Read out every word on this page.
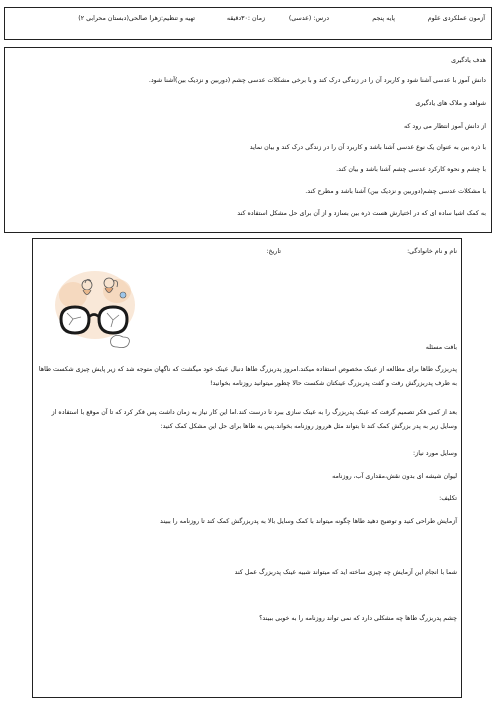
آزمون عملکردی علوم
پایه پنجم
درس: (عدسی)
زمان :۳۰دقیقه
تهیه و تنظیم:زهرا صالحی(دبستان محرابی ۲)
هدف یادگیری
دانش آموز با عدسی آشنا شود و کاربرد آن را در زندگی درک کند و با برخی مشکلات عدسی چشم (دوربین و نزدیک بین)آشنا شود.
شواهد و ملاک های یادگیری
از دانش آموز انتظار می رود که
با ذره بین به عنوان یک نوع عدسی آشنا باشد و کاربرد آن را در زندگی درک کند و بیان نماید
با چشم و نحوه کارکرد عدسی چشم آشنا باشد و بیان کند.
با مشکلات عدسی چشم(دوربین و نزدیک بین) آشنا باشد و مطرح کند.
به کمک اشیا ساده ای که در اختیارش هست ذره بین بسازد و از آن برای حل مشکل استفاده کند
نام و نام خانوادگی:
تاریخ:
بافت مسئله
پدربزرگ طاها برای مطالعه از عینک مخصوص استفاده میکند.امروز پدربزرگ طاها دنبال عینک خود میگشت که ناگهان متوجه شد که زیر پایش چیزی شکست طاها به طرف پدربزرگش رفت و گفت پدربزرگ عینکتان شکست حالا چطور میتوانید روزنامه بخوانید!
بعد از کمی فکر تصمیم گرفت که عینک پدربزرگ را به عینک سازی ببرد تا درست کند.اما این کار نیاز به زمان داشت پس فکر کرد که تا آن موقع با استفاده از وسایل زیر به پدر بزرگش کمک کند تا بتواند مثل هرروز روزنامه بخواند.پس به طاها برای حل این مشکل کمک کنید:
وسایل مورد نیاز:
لیوان شیشه ای بدون نقش،مقداری آب، روزنامه
تکلیف:
آزمایش طراحی کنید و توضیح دهید طاها چگونه میتواند با کمک وسایل بالا به پدربزرگش کمک کند تا روزنامه را ببیند
شما با انجام این آزمایش چه چیزی ساخته اید که میتواند شبیه عینک پدربزرگ عمل کند
چشم پدربزرگ طاها چه مشکلی دارد که نمی تواند روزنامه را به خوبی ببیند؟
